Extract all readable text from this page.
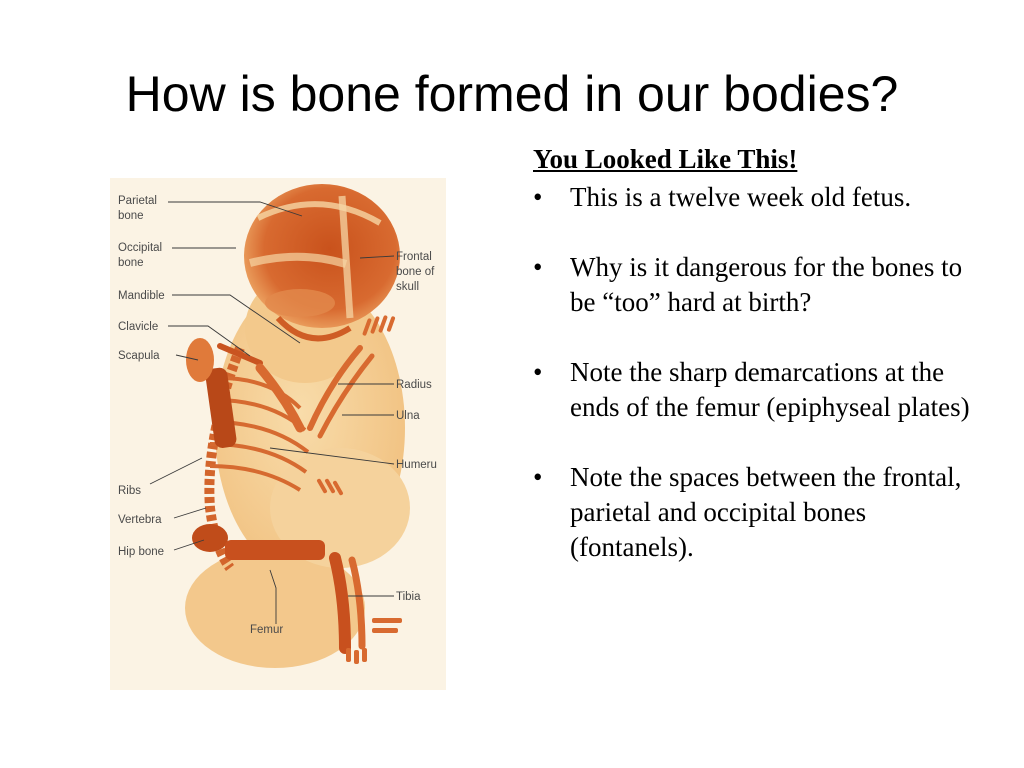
How is bone formed in our bodies?
Parietal
bone
Occipital
bone
Mandible
Clavicle
Scapula
Ribs
Vertebra
Hip bone
Femur
Frontal
bone of
skull
Radius
Ulna
Humeru
Tibia
You Looked Like This!
• This is a twelve week old fetus.
• Why is it dangerous for the bones to be “too” hard at birth?
• Note the sharp demarcations at the ends of the femur (epiphyseal plates)
• Note the spaces between the frontal, parietal and occipital bones (fontanels).
